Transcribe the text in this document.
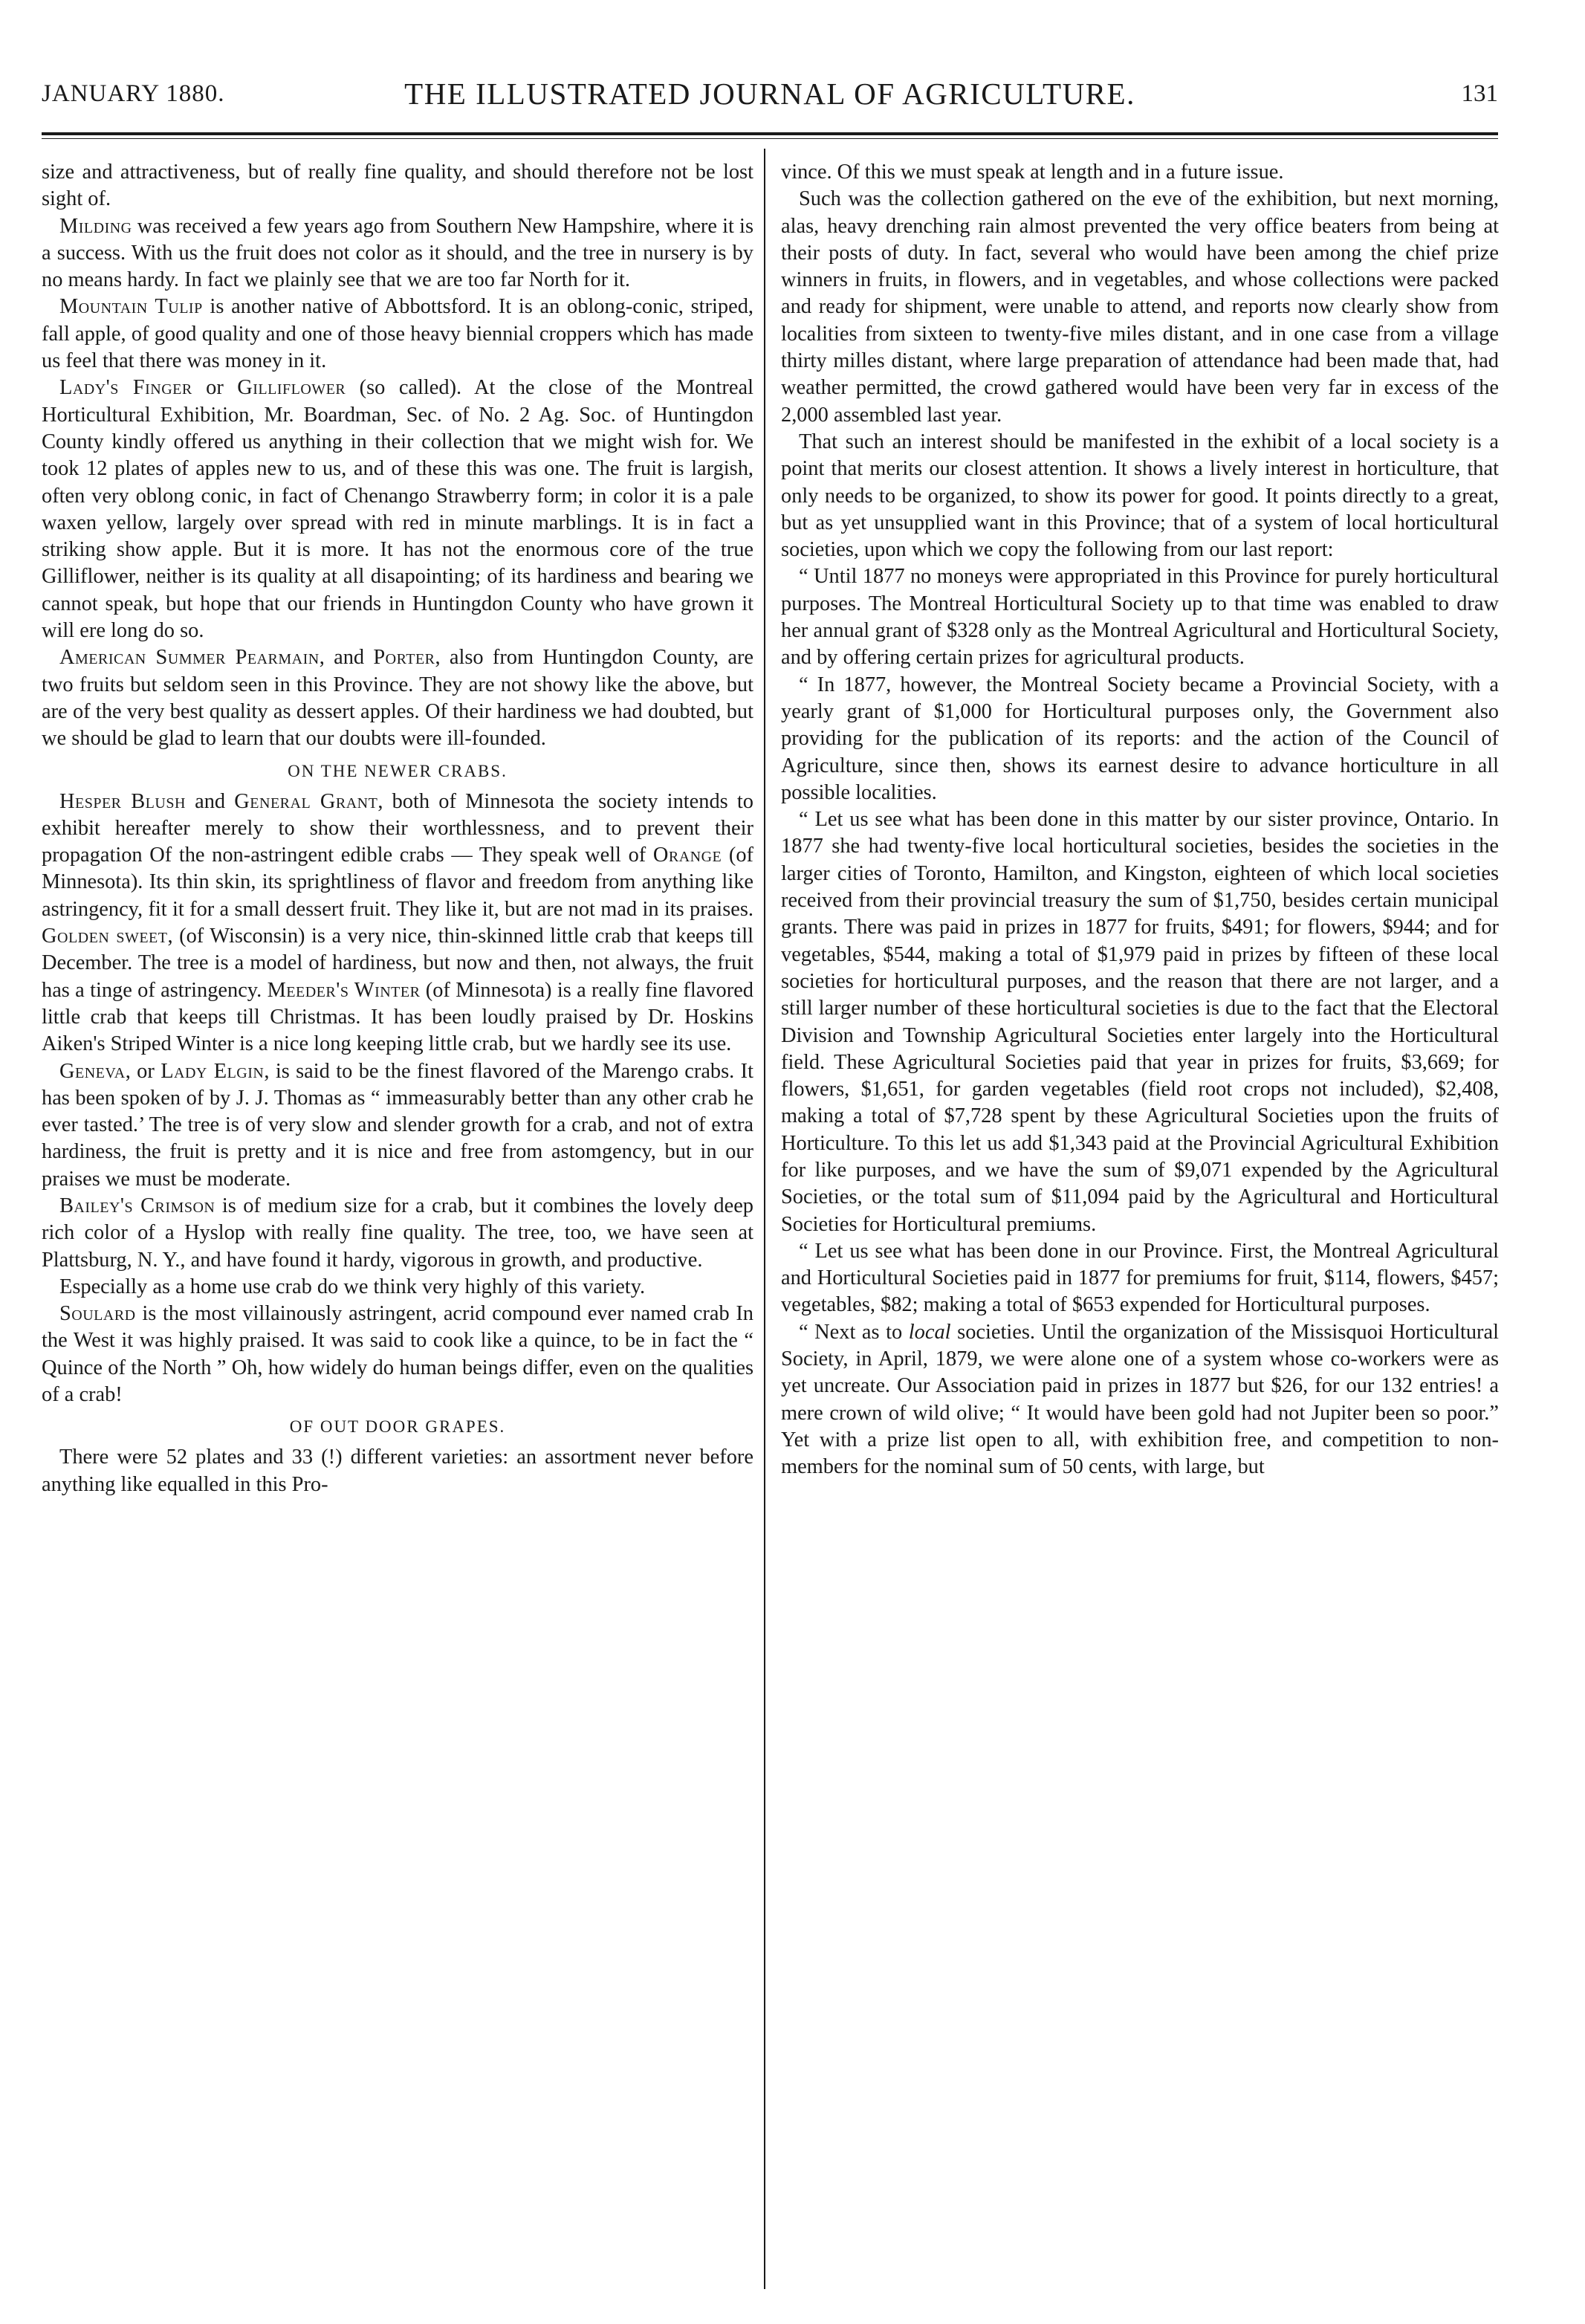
JANUARY 1880.	THE ILLUSTRATED JOURNAL OF AGRICULTURE.	131

size and attractiveness, but of really fine quality, and should therefore not be lost sight of.

Milding was received a few years ago from Southern New Hampshire, where it is a success. With us the fruit does not color as it should, and the tree in nursery is by no means hardy. In fact we plainly see that we are too far North for it.

Mountain Tulip is another native of Abbottsford. It is an oblong-conic, striped, fall apple, of good quality and one of those heavy biennial croppers which has made us feel that there was money in it.

Lady's Finger or Gilliflower (so called). At the close of the Montreal Horticultural Exhibition, Mr. Boardman, Sec. of No. 2 Ag. Soc. of Huntingdon County kindly offered us anything in their collection that we might wish for. We took 12 plates of apples new to us, and of these this was one. The fruit is largish, often very oblong conic, in fact of Chenango Strawberry form; in color it is a pale waxen yellow, largely over spread with red in minute marblings. It is in fact a striking show apple. But it is more. It has not the enormous core of the true Gilliflower, neither is its quality at all disapointing; of its hardiness and bearing we cannot speak, but hope that our friends in Huntingdon County who have grown it will ere long do so.

American Summer Pearmain, and Porter, also from Huntingdon County, are two fruits but seldom seen in this Province. They are not showy like the above, but are of the very best quality as dessert apples. Of their hardiness we had doubted, but we should be glad to learn that our doubts were ill-founded.

ON THE NEWER CRABS.

Hesper Blush and General Grant, both of Minnesota the society intends to exhibit hereafter merely to show their worthlessness, and to prevent their propagation Of the non-astringent edible crabs — They speak well of Orange (of Minnesota). Its thin skin, its sprightliness of flavor and freedom from anything like astringency, fit it for a small dessert fruit. They like it, but are not mad in its praises. Golden sweet, (of Wisconsin) is a very nice, thin-skinned little crab that keeps till December. The tree is a model of hardiness, but now and then, not always, the fruit has a tinge of astringency. Meeder's Winter (of Minnesota) is a really fine flavored little crab that keeps till Christmas. It has been loudly praised by Dr. Hoskins Aiken's Striped Winter is a nice long keeping little crab, but we hardly see its use.

Geneva, or Lady Elgin, is said to be the finest flavored of the Marengo crabs. It has been spoken of by J. J. Thomas as “ immeasurably better than any other crab he ever tasted.’ The tree is of very slow and slender growth for a crab, and not of extra hardiness, the fruit is pretty and it is nice and free from astomgency, but in our praises we must be moderate.

Bailey's Crimson is of medium size for a crab, but it combines the lovely deep rich color of a Hyslop with really fine quality. The tree, too, we have seen at Plattsburg, N. Y., and have found it hardy, vigorous in growth, and productive.

Especially as a home use crab do we think very highly of this variety.

Soulard is the most villainously astringent, acrid compound ever named crab In the West it was highly praised. It was said to cook like a quince, to be in fact the “ Quince of the North ” Oh, how widely do human beings differ, even on the qualities of a crab!

OF OUT DOOR GRAPES.

There were 52 plates and 33 (!) different varieties: an assortment never before anything like equalled in this Pro-

vince. Of this we must speak at length and in a future issue.

Such was the collection gathered on the eve of the exhibition, but next morning, alas, heavy drenching rain almost prevented the very office beaters from being at their posts of duty. In fact, several who would have been among the chief prize winners in fruits, in flowers, and in vegetables, and whose collections were packed and ready for shipment, were unable to attend, and reports now clearly show from localities from sixteen to twenty-five miles distant, and in one case from a village thirty milles distant, where large preparation of attendance had been made that, had weather permitted, the crowd gathered would have been very far in excess of the 2,000 assembled last year.

That such an interest should be manifested in the exhibit of a local society is a point that merits our closest attention. It shows a lively interest in horticulture, that only needs to be organized, to show its power for good. It points directly to a great, but as yet unsupplied want in this Province; that of a system of local horticultural societies, upon which we copy the following from our last report:

“ Until 1877 no moneys were appropriated in this Province for purely horticultural purposes. The Montreal Horticultural Society up to that time was enabled to draw her annual grant of $328 only as the Montreal Agricultural and Horticultural Society, and by offering certain prizes for agricultural products.

“ In 1877, however, the Montreal Society became a Provincial Society, with a yearly grant of $1,000 for Horticultural purposes only, the Government also providing for the publication of its reports: and the action of the Council of Agriculture, since then, shows its earnest desire to advance horticulture in all possible localities.

“ Let us see what has been done in this matter by our sister province, Ontario. In 1877 she had twenty-five local horticultural societies, besides the societies in the larger cities of Toronto, Hamilton, and Kingston, eighteen of which local societies received from their provincial treasury the sum of $1,750, besides certain municipal grants. There was paid in prizes in 1877 for fruits, $491; for flowers, $944; and for vegetables, $544, making a total of $1,979 paid in prizes by fifteen of these local societies for horticultural purposes, and the reason that there are not larger, and a still larger number of these horticultural societies is due to the fact that the Electoral Division and Township Agricultural Societies enter largely into the Horticultural field. These Agricultural Societies paid that year in prizes for fruits, $3,669; for flowers, $1,651, for garden vegetables (field root crops not included), $2,408, making a total of $7,728 spent by these Agricultural Societies upon the fruits of Horticulture. To this let us add $1,343 paid at the Provincial Agricultural Exhibition for like purposes, and we have the sum of $9,071 expended by the Agricultural Societies, or the total sum of $11,094 paid by the Agricultural and Horticultural Societies for Horticultural premiums.

“ Let us see what has been done in our Province. First, the Montreal Agricultural and Horticultural Societies paid in 1877 for premiums for fruit, $114, flowers, $457; vegetables, $82; making a total of $653 expended for Horticultural purposes.

“ Next as to local societies. Until the organization of the Missisquoi Horticultural Society, in April, 1879, we were alone one of a system whose co-workers were as yet uncreate. Our Association paid in prizes in 1877 but $26, for our 132 entries! a mere crown of wild olive; “ It would have been gold had not Jupiter been so poor.” Yet with a prize list open to all, with exhibition free, and competition to non-members for the nominal sum of 50 cents, with large, but
